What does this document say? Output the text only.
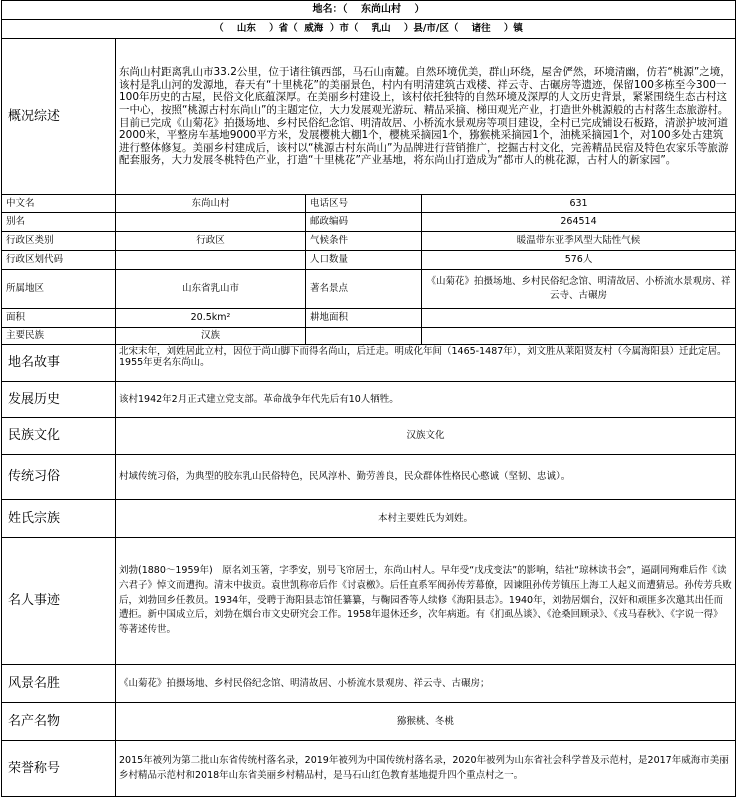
地名：（ 东尚山村 ）			
（ 山东 ）省（ 威海 ）市（ 乳山 ）县/市/区（ 诸往 ）镇			
概况综述	东尚山村距离乳山市33.2公里，位于诸往镇西部，马石山南麓。自然环境优美，群山环绕，屋舍俨然，环境清幽，仿若“桃源”之境，该村是乳山河的发源地，春天有“十里桃花”的美丽景色，村内有明清建筑古戏楼、祥云寺、古碾房等遗迹，保留100多栋至今300一100年历史的古屋，民俗文化底蕴深厚。在美丽乡村建设上，该村依托独特的自然环境及深厚的人文历史背景，紧紧围绕生态古村这一中心，按照“桃源古村东尚山”的主题定位，大力发展观光游玩、精品采摘、梯田观光产业，打造世外桃源般的古村落生态旅游村。目前已完成《山菊花》拍摄场地、乡村民俗纪念馆、明清故居、小桥流水景观房等项目建设，全村已完成铺设石板路，清淤护坡河道2000米，平整房车基地9000平方米，发展樱桃大棚1个，樱桃采摘园1个，猕猴桃采摘园1个，油桃采摘园1个，对100多处古建筑进行整体修复。美丽乡村建成后，该村以“桃源古村东尚山”为品牌进行营销推广，挖掘古村文化，完善精品民宿及特色农家乐等旅游配套服务，大力发展冬桃特色产业，打造“十里桃花”产业基地，将东尚山打造成为“都市人的桃花源，古村人的新家园”。		
中文名	东尚山村	电话区号	631
别名		邮政编码	264514
行政区类别	行政区	气候条件	暖温带东亚季风型大陆性气候
行政区划代码		人口数量	576人
所属地区	山东省乳山市	著名景点	《山菊花》拍摄场地、乡村民俗纪念馆、明清故居、小桥流水景观房、祥云寺、古碾房
面积	20.5km²	耕地面积	
主要民族	汉族		
地名故事	北宋末年，刘姓居此立村，因位于尚山脚下而得名尚山，后迁走。明成化年间（1465-1487年），刘文胜从莱阳贤友村（今属海阳县）迁此定居。1955年更名东尚山。		
发展历史	该村1942年2月正式建立党支部。革命战争年代先后有10人牺牲。		
民族文化	汉族文化		
传统习俗	村域传统习俗，为典型的胶东乳山民俗特色，民风淳朴、勤劳善良，民众群体性格民心憨诚（坚韧、忠诚）。		
姓氏宗族	本村主要姓氏为刘姓。		
名人事迹	刘勃(1880～1959年)　原名刘玉箸，字季安，别号飞帘居士，东尚山村人。早年受“戊戌变法”的影响，结社“琼林读书会”，逼副同殉难后作《读六君子》悼文而遭拘。清末中拔贡。袁世凯称帝后作《讨袁檄》。后任直系军阀孙传芳幕僚，因谏阻孙传芳镇压上海工人起义而遭猜忌。孙传芳兵败后，刘勃回乡任教员。1934年，受聘于海阳县志馆任纂纂，与鞠园香等人续修《海阳县志》。1940年，刘勃居烟台，汉奸和顽匪多次邀其出任而遭拒。新中国成立后，刘勃在烟台市文史研究会工作。1958年退休还乡，次年病逝。有《扪虱丛谈》、《沧桑回顾录》、《戎马春秋》、《字说一得》等著述传世。		
风景名胜	《山菊花》拍摄场地、乡村民俗纪念馆、明清故居、小桥流水景观房、祥云寺、古碾房；		
名产名物	猕猴桃、冬桃		
荣誉称号	2015年被列为第二批山东省传统村落名录，2019年被列为中国传统村落名录，2020年被列为山东省社会科学普及示范村，是2017年威海市美丽乡村精品示范村和2018年山东省美丽乡村精品村，是马石山红色教育基地提升四个重点村之一。		
